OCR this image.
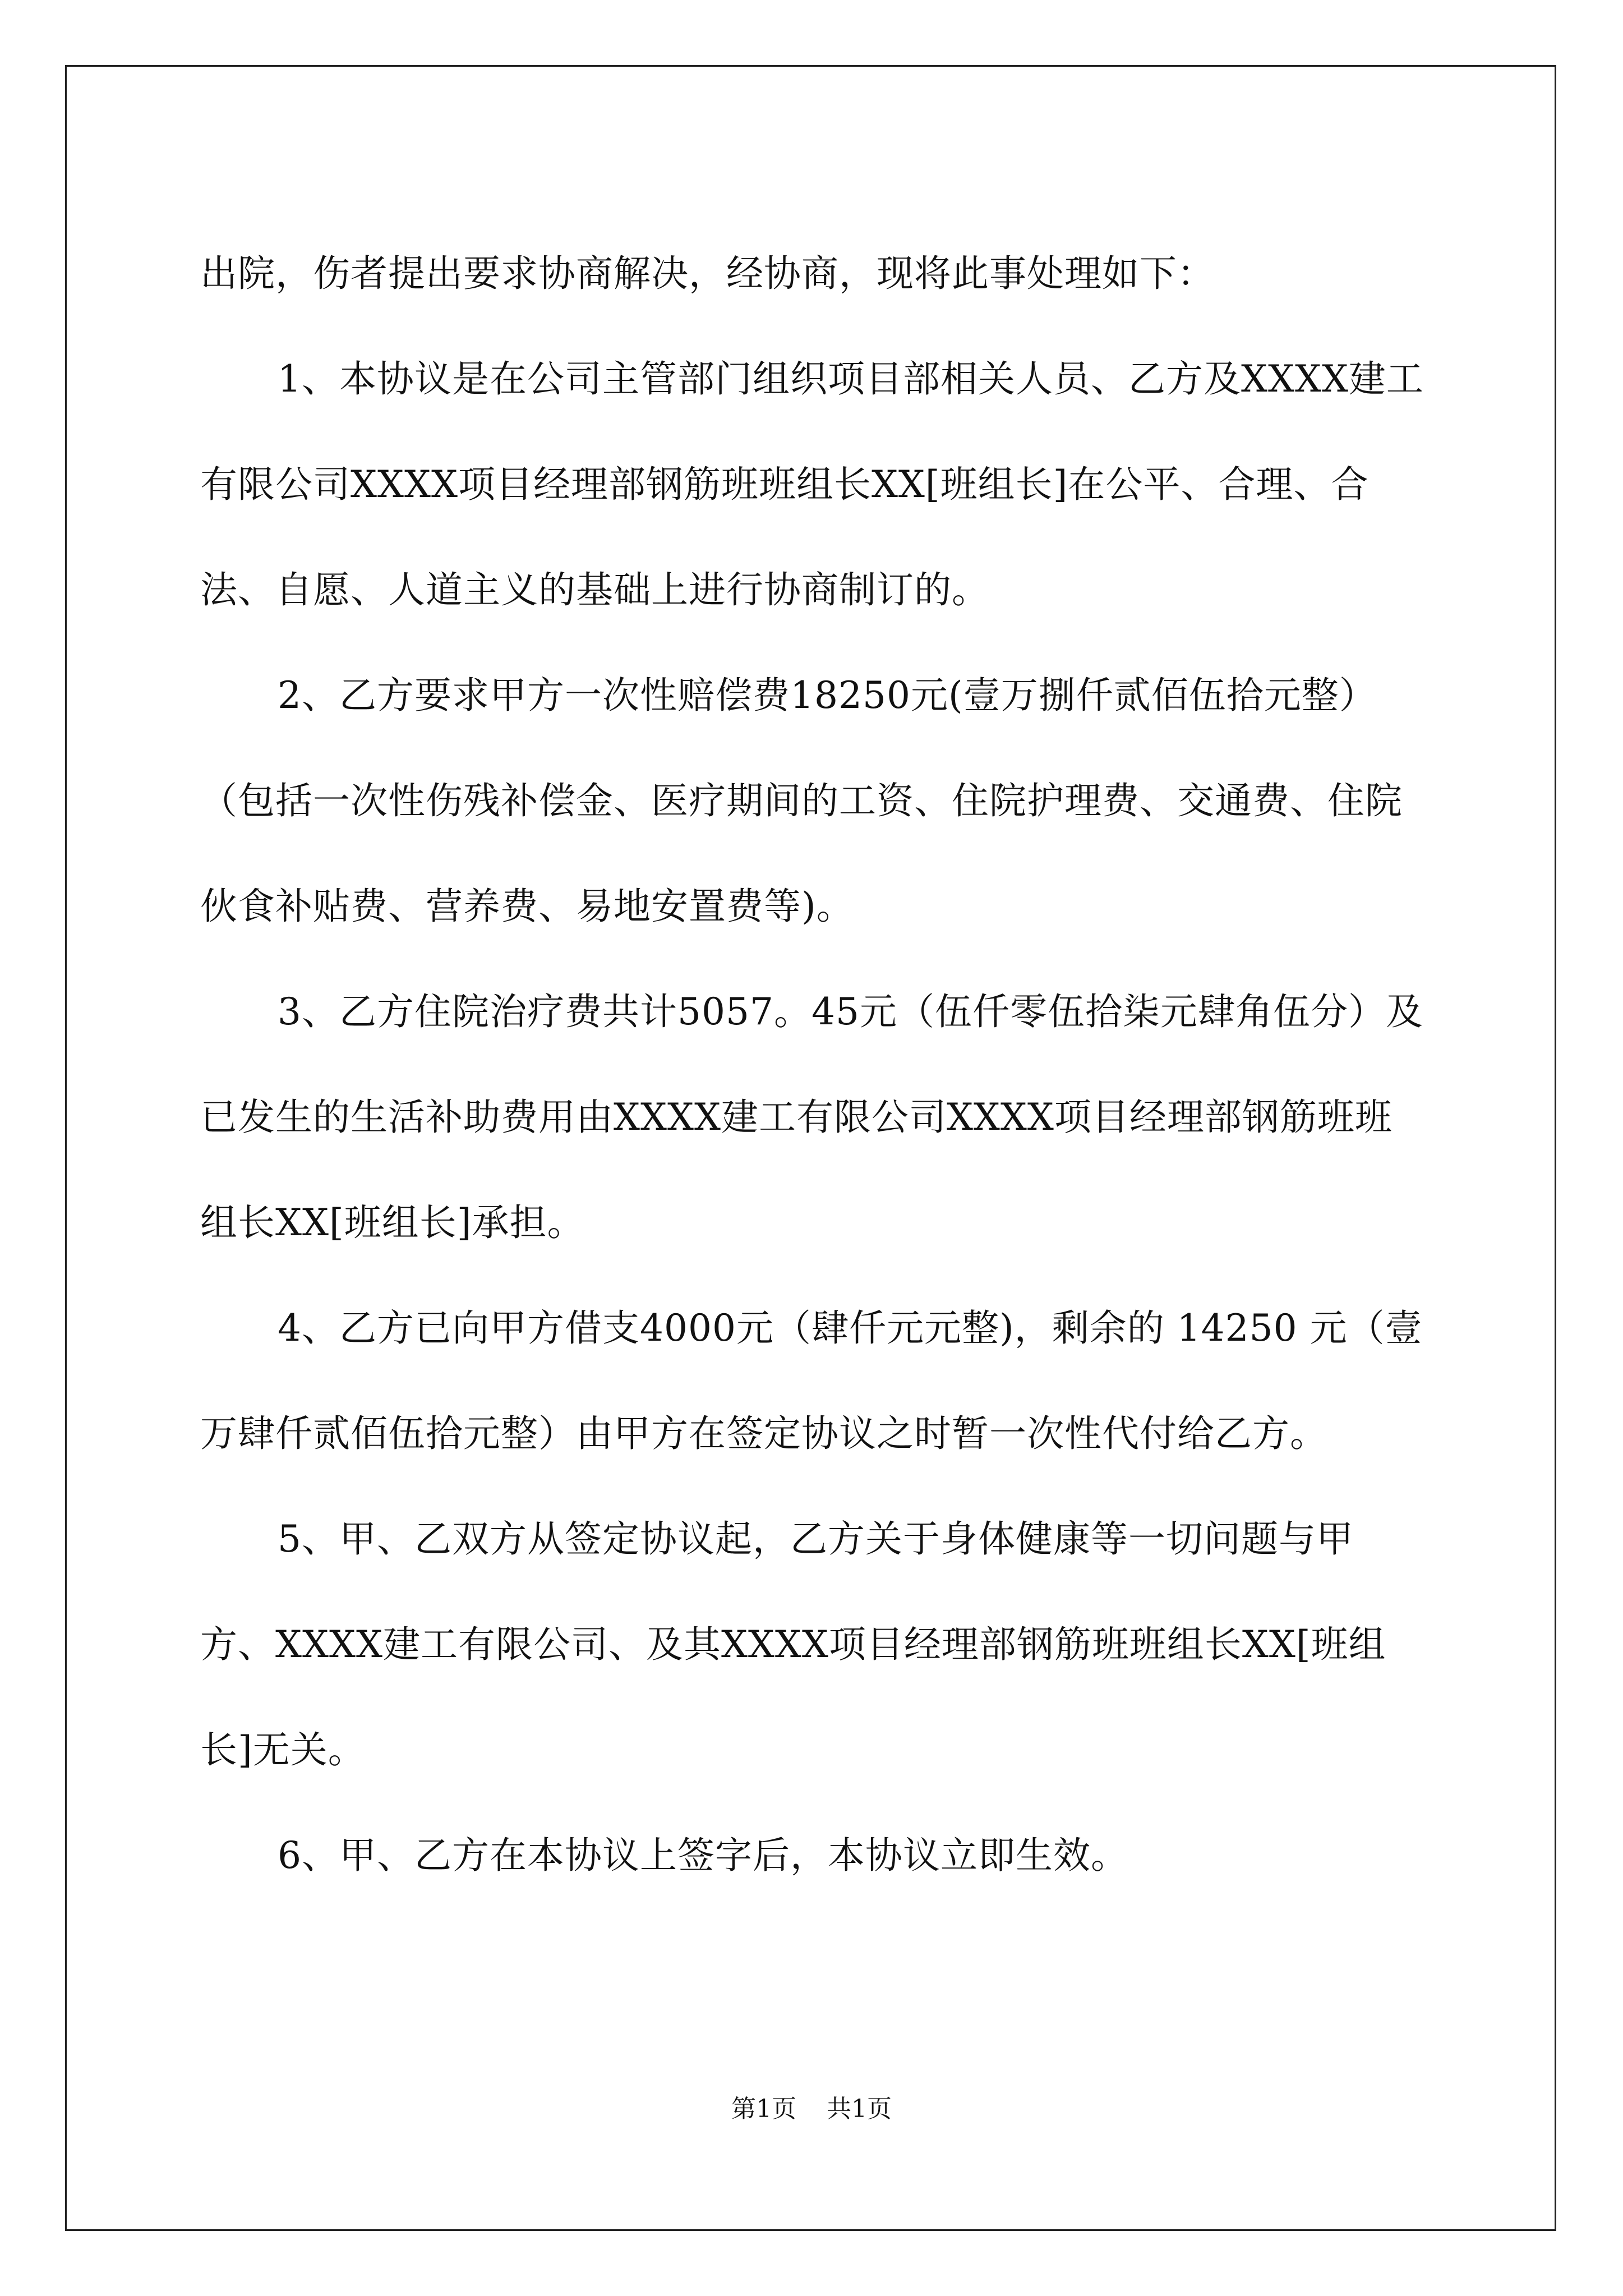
出院，伤者提出要求协商解决，经协商，现将此事处理如下：

1、本协议是在公司主管部门组织项目部相关人员、乙方及XXXX建工有限公司XXXX项目经理部钢筋班班组长XX[班组长]在公平、合理、合法、自愿、人道主义的基础上进行协商制订的。

2、乙方要求甲方一次性赔偿费18250元(壹万捌仟贰佰伍拾元整）（包括一次性伤残补偿金、医疗期间的工资、住院护理费、交通费、住院伙食补贴费、营养费、易地安置费等)。

3、乙方住院治疗费共计5057。45元（伍仟零伍拾柒元肆角伍分）及已发生的生活补助费用由XXXX建工有限公司XXXX项目经理部钢筋班班组长XX[班组长]承担。

4、乙方已向甲方借支4000元（肆仟元元整)，剩余的 14250 元（壹万肆仟贰佰伍拾元整）由甲方在签定协议之时暂一次性代付给乙方。

5、甲、乙双方从签定协议起，乙方关于身体健康等一切问题与甲方、XXXX建工有限公司、及其XXXX项目经理部钢筋班班组长XX[班组长]无关。

6、甲、乙方在本协议上签字后，本协议立即生效。

第1页 共1页
